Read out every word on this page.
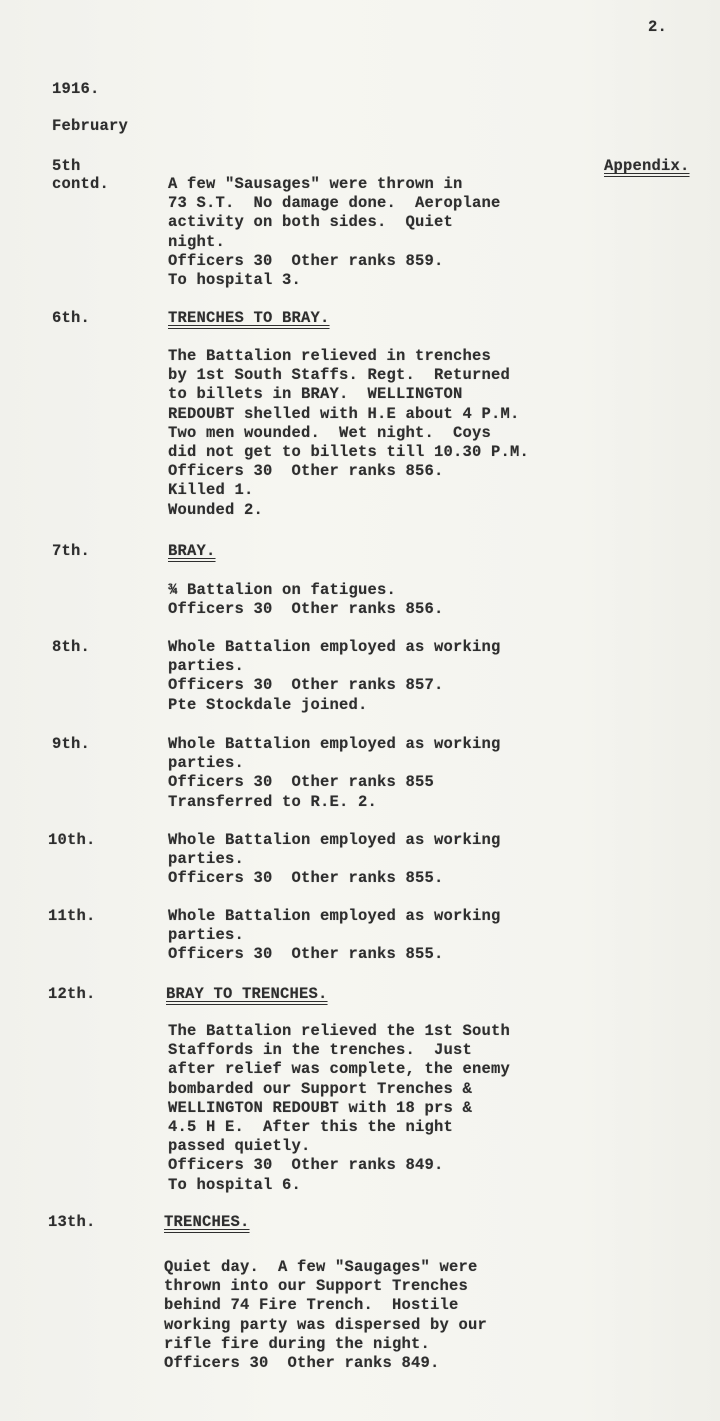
2.
1916.
February
Appendix.
5th
contd.	A few "Sausages" were thrown in
73 S.T.  No damage done.  Aeroplane
activity on both sides.  Quiet
night.
Officers 30  Other ranks 859.
To hospital 3.
6th.	TRENCHES TO BRAY.
The Battalion relieved in trenches
by 1st South Staffs. Regt.  Returned
to billets in BRAY.  WELLINGTON
REDOUBT shelled with H.E about 4 P.M.
Two men wounded.  Wet night.  Coys
did not get to billets till 10.30 P.M.
Officers 30  Other ranks 856.
Killed 1.
Wounded 2.
7th.	BRAY.
¾ Battalion on fatigues.
Officers 30  Other ranks 856.
8th.	Whole Battalion employed as working
parties.
Officers 30  Other ranks 857.
Pte Stockdale joined.
9th.	Whole Battalion employed as working
parties.
Officers 30  Other ranks 855
Transferred to R.E. 2.
10th.	Whole Battalion employed as working
parties.
Officers 30  Other ranks 855.
11th.	Whole Battalion employed as working
parties.
Officers 30  Other ranks 855.
12th.	BRAY TO TRENCHES.
The Battalion relieved the 1st South
Staffords in the trenches.  Just
after relief was complete, the enemy
bombarded our Support Trenches &
WELLINGTON REDOUBT with 18 prs &
4.5 H E.  After this the night
passed quietly.
Officers 30  Other ranks 849.
To hospital 6.
13th.	TRENCHES.
Quiet day.  A few "Saugages" were
thrown into our Support Trenches
behind 74 Fire Trench.  Hostile
working party was dispersed by our
rifle fire during the night.
Officers 30  Other ranks 849.
